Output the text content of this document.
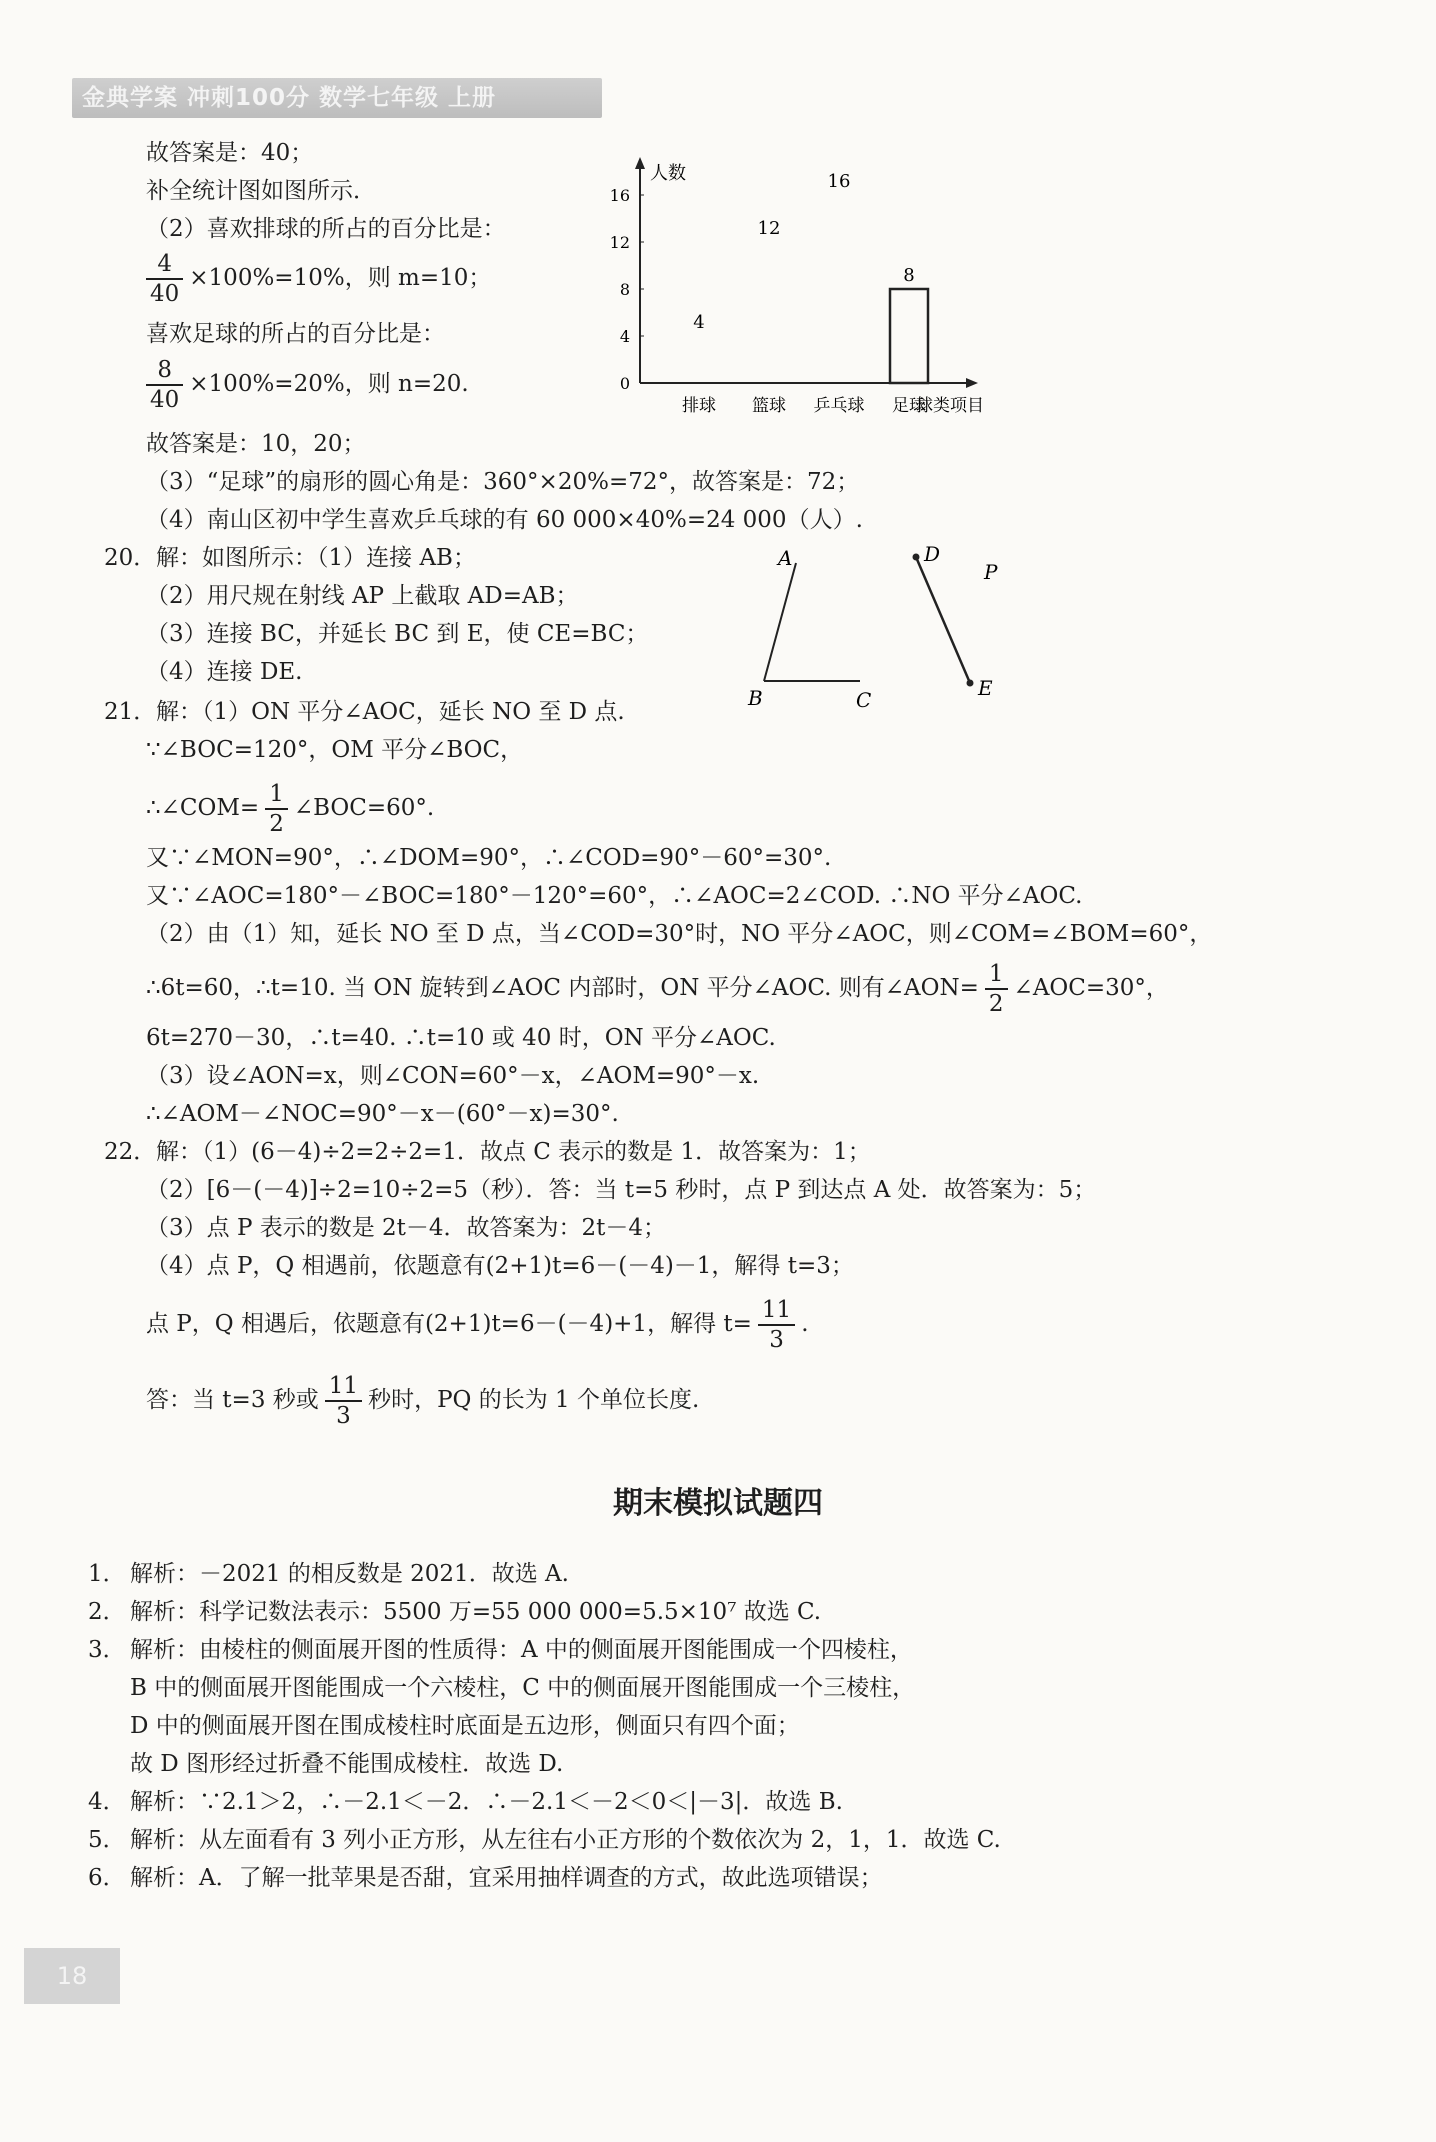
金典学案 冲刺100分 数学七年级 上册
故答案是：40；
补全统计图如图所示．
（2）喜欢排球的所占的百分比是：
$\frac{4}{40} \times 100\%=10\%$，则 m=10；
喜欢足球的所占的百分比是：
$\frac{8}{40} \times 100\%=20\%$，则 n=20.
故答案是：10，20；
（3）“足球”的扇形的圆心角是：360°×20%=72°，故答案是：72；
（4）南山区初中学生喜欢乒乓球的有 60 000×40%=24 000（人）.
人数
球类项目
0
4
8
12
16
排球
4
篮球
12
乒乓球
16
足球
8
20．解：如图所示：（1）连接 AB；
（2）用尺规在射线 AP 上截取 AD=AB；
（3）连接 BC，并延长 BC 到 E，使 CE=BC；
（4）连接 DE.
A
B	C
D
E
P
21．解：（1）ON 平分∠AOC，延长 NO 至 D 点.
∵∠BOC=120°，OM 平分∠BOC，
∴∠COM= $\frac{1}{2}$ ∠BOC=60°.
又∵∠MON=90°，∴∠DOM=90°，∴∠COD=90°－60°=30°.
又∵∠AOC=180°－∠BOC=180°－120°=60°，∴∠AOC=2∠COD. ∴NO 平分∠AOC.
（2）由（1）知，延长 NO 至 D 点，当∠COD=30°时，NO 平分∠AOC，则∠COM=∠BOM=60°，
∴6t=60，∴t=10. 当 ON 旋转到∠AOC 内部时，ON 平分∠AOC. 则有∠AON= $\frac{1}{2}$ ∠AOC=30°，
6t=270－30，∴t=40. ∴t=10 或 40 时，ON 平分∠AOC.
（3）设∠AON=x，则∠CON=60°－x，∠AOM=90°－x.
∴∠AOM－∠NOC=90°－x－(60°－x)=30°.
22．解：（1）(6－4)÷2=2÷2=1．故点 C 表示的数是 1．故答案为：1；
（2）[6－(－4)]÷2=10÷2=5（秒）．答：当 t=5 秒时，点 P 到达点 A 处．故答案为：5；
（3）点 P 表示的数是 2t－4．故答案为：2t－4；
（4）点 P，Q 相遇前，依题意有(2+1)t=6－(－4)－1，解得 t=3；
点 P，Q 相遇后，依题意有(2+1)t=6－(－4)+1，解得 $t= \frac{11}{3}$ .
答：当 t=3 秒或 $\frac{11}{3}$ 秒时，PQ 的长为 1 个单位长度.
期末模拟试题四
1． 解析：－2021 的相反数是 2021．故选 A.
2． 解析：科学记数法表示：5500 万=55 000 000=5.5×10⁷ 故选 C.
3． 解析：由棱柱的侧面展开图的性质得：A 中的侧面展开图能围成一个四棱柱，
B 中的侧面展开图能围成一个六棱柱，C 中的侧面展开图能围成一个三棱柱，
D 中的侧面展开图在围成棱柱时底面是五边形，侧面只有四个面；
故 D 图形经过折叠不能围成棱柱．故选 D.
4． 解析：∵2.1＞2，∴－2.1＜－2．∴－2.1＜－2＜0＜|－3|．故选 B.
5． 解析：从左面看有 3 列小正方形，从左往右小正方形的个数依次为 2，1，1．故选 C.
6． 解析：A．了解一批苹果是否甜，宜采用抽样调查的方式，故此选项错误；
18
